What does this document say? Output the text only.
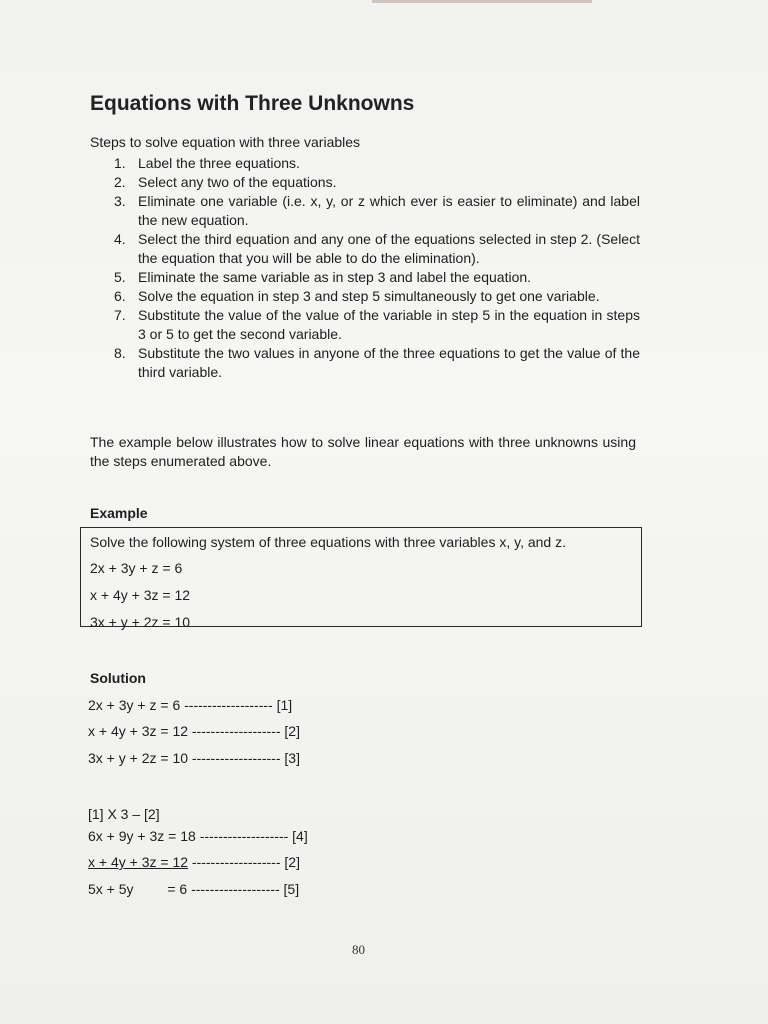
Equations with Three Unknowns
Steps to solve equation with three variables
1. Label the three equations.
2. Select any two of the equations.
3. Eliminate one variable (i.e. x, y, or z which ever is easier to eliminate) and label the new equation.
4. Select the third equation and any one of the equations selected in step 2. (Select the equation that you will be able to do the elimination).
5. Eliminate the same variable as in step 3 and label the equation.
6. Solve the equation in step 3 and step 5 simultaneously to get one variable.
7. Substitute the value of the value of the variable in step 5 in the equation in steps 3 or 5 to get the second variable.
8. Substitute the two values in anyone of the three equations to get the value of the third variable.
The example below illustrates how to solve linear equations with three unknowns using the steps enumerated above.
Example
Solve the following system of three equations with three variables x, y, and z.
2x + 3y + z = 6
x + 4y + 3z = 12
3x + y + 2z = 10
Solution
2x + 3y + z = 6 ------------------- [1]
x + 4y + 3z = 12 ------------------- [2]
3x + y + 2z = 10 ------------------- [3]
[1] X 3 – [2]
6x + 9y + 3z = 18 ------------------- [4]
x + 4y + 3z = 12 ------------------- [2]
5x + 5y = 6 ------------------- [5]
80
